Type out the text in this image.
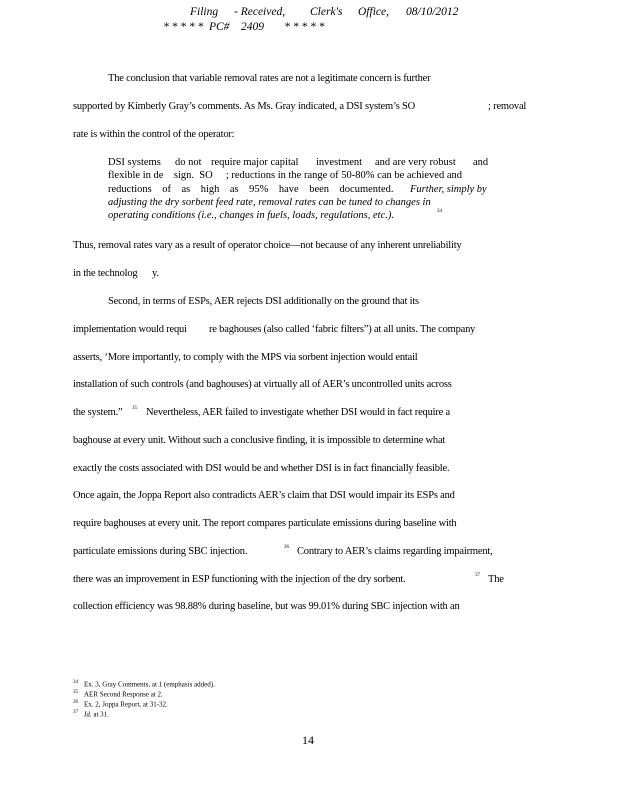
Filing - Received, Clerk's Office, 08/10/2012
* * * * *  PC#    2409       * * * * *
The conclusion that variable removal rates are not a legitimate concern is further
supported by Kimberly Gray’s comments. As Ms. Gray indicated, a DSI system’s SO	; removal
rate is within the control of the operator:
DSI systems do not require major capital investment and are very robust and
flexible in de    sign.  SO     ; reductions in the range of 50-80% can be achieved and
reductions    of    as    high    as    95%    have    been    documented. Further, simply by
adjusting the dry sorbent feed rate, removal rates can be tuned to changes in
operating conditions (i.e., changes in fuels, loads, regulations, etc.).	34
Thus, removal rates vary as a result of operator choice—not because of any inherent unreliability
in the technolog      y.
Second, in terms of ESPs, AER rejects DSI additionally on the ground that its
implementation would requi re baghouses (also called ‘fabric filters”) at all units. The company
asserts, ‘More importantly, to comply with the MPS via sorbent injection would entail
installation of such controls (and baghouses) at virtually all of AER’s uncontrolled units across
the system.” 35 Nevertheless, AER failed to investigate whether DSI would in fact require a
baghouse at every unit. Without such a conclusive finding, it is impossible to determine what
exactly the costs associated with DSI would be and whether DSI is in fact financially feasible.
Once again, the Joppa Report also contradicts AER’s claim that DSI would impair its ESPs and
require baghouses at every unit. The report compares particulate emissions during baseline with
particulate emissions during SBC injection.	36 Contrary to AER’s claims regarding impairment,
there was an improvement in ESP functioning with the injection of the dry sorbent.	37 The
collection efficiency was 98.88% during baseline, but was 99.01% during SBC injection with an
$^{34}$ Ex. 3, Gray Comments, at 1 (emphasis added).
$^{35}$ AER Second Response at 2.
$^{36}$ Ex. 2, Joppa Report, at 31-32.
$^{37}$ Id. at 31.
14
